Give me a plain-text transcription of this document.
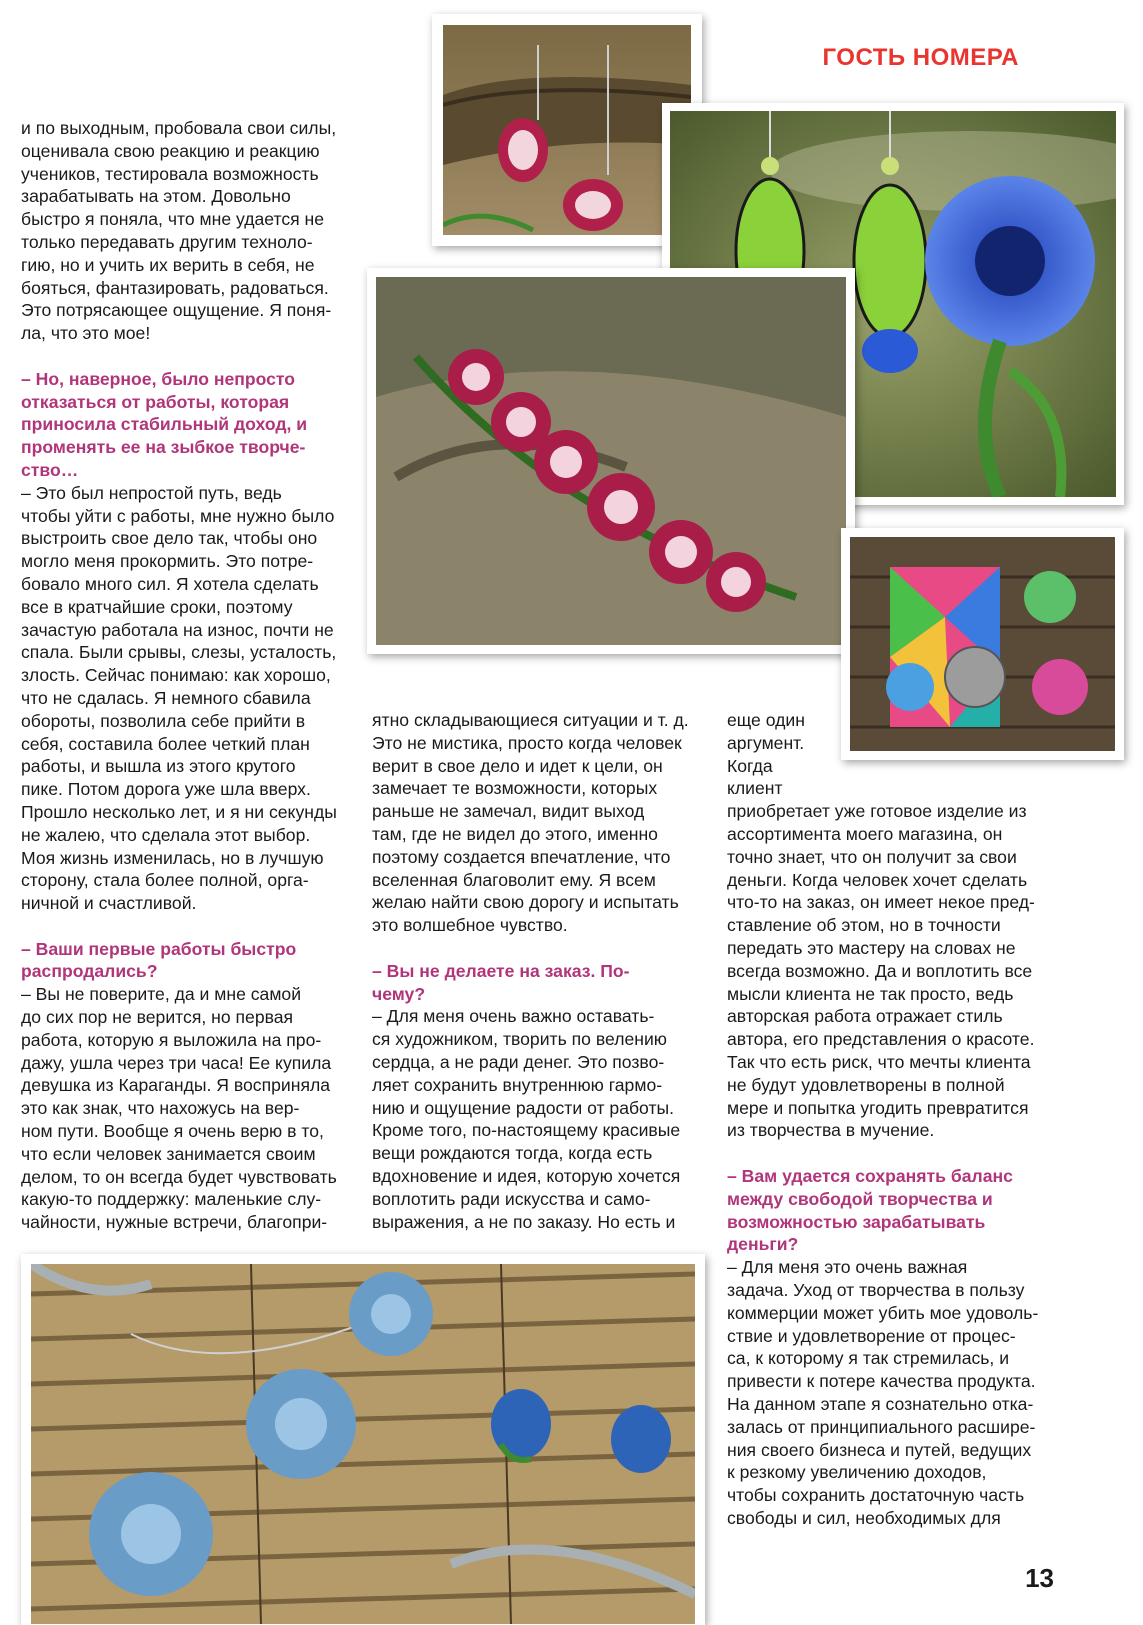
ГОСТЬ НОМЕРА

и по выходным, пробовала свои силы,
оценивала свою реакцию и реакцию
учеников, тестировала возможность
зарабатывать на этом. Довольно
быстро я поняла, что мне удается не
только передавать другим техноло-
гию, но и учить их верить в себя, не
бояться, фантазировать, радоваться.
Это потрясающее ощущение. Я поня-
ла, что это мое!

– Но, наверное, было непросто
отказаться от работы, которая
приносила стабильный доход, и
променять ее на зыбкое творче-
ство…

– Это был непростой путь, ведь
чтобы уйти с работы, мне нужно было
выстроить свое дело так, чтобы оно
могло меня прокормить. Это потре-
бовало много сил. Я хотела сделать
все в кратчайшие сроки, поэтому
зачастую работала на износ, почти не
спала. Были срывы, слезы, усталость,
злость. Сейчас понимаю: как хорошо,
что не сдалась. Я немного сбавила
обороты, позволила себе прийти в
себя, составила более четкий план
работы, и вышла из этого крутого
пике. Потом дорога уже шла вверх.
Прошло несколько лет, и я ни секунды
не жалею, что сделала этот выбор.
Моя жизнь изменилась, но в лучшую
сторону, стала более полной, орга-
ничной и счастливой.

– Ваши первые работы быстро
распродались?

– Вы не поверите, да и мне самой
до сих пор не верится, но первая
работа, которую я выложила на про-
дажу, ушла через три часа! Ее купила
девушка из Караганды. Я восприняла
это как знак, что нахожусь на вер-
ном пути. Вообще я очень верю в то,
что если человек занимается своим
делом, то он всегда будет чувствовать
какую-то поддержку: маленькие слу-
чайности, нужные встречи, благопри-

ятно складывающиеся ситуации и т. д.
Это не мистика, просто когда человек
верит в свое дело и идет к цели, он
замечает те возможности, которых
раньше не замечал, видит выход
там, где не видел до этого, именно
поэтому создается впечатление, что
вселенная благоволит ему. Я всем
желаю найти свою дорогу и испытать
это волшебное чувство.

– Вы не делаете на заказ. По-
чему?

– Для меня очень важно оставать-
ся художником, творить по велению
сердца, а не ради денег. Это позво-
ляет сохранить внутреннюю гармо-
нию и ощущение радости от работы.
Кроме того, по-настоящему красивые
вещи рождаются тогда, когда есть
вдохновение и идея, которую хочется
воплотить ради искусства и само-
выражения, а не по заказу. Но есть и

еще один
аргумент.
Когда
клиент

приобретает уже готовое изделие из
ассортимента моего магазина, он
точно знает, что он получит за свои
деньги. Когда человек хочет сделать
что-то на заказ, он имеет некое пред-
ставление об этом, но в точности
передать это мастеру на словах не
всегда возможно. Да и воплотить все
мысли клиента не так просто, ведь
авторская работа отражает стиль
автора, его представления о красоте.
Так что есть риск, что мечты клиента
не будут удовлетворены в полной
мере и попытка угодить превратится
из творчества в мучение.

– Вам удается сохранять баланс
между свободой творчества и
возможностью зарабатывать
деньги?

– Для меня это очень важная
задача. Уход от творчества в пользу
коммерции может убить мое удоволь-
ствие и удовлетворение от процес-
са, к которому я так стремилась, и
привести к потере качества продукта.
На данном этапе я сознательно отка-
залась от принципиального расшире-
ния своего бизнеса и путей, ведущих
к резкому увеличению доходов,
чтобы сохранить достаточную часть
свободы и сил, необходимых для

13
